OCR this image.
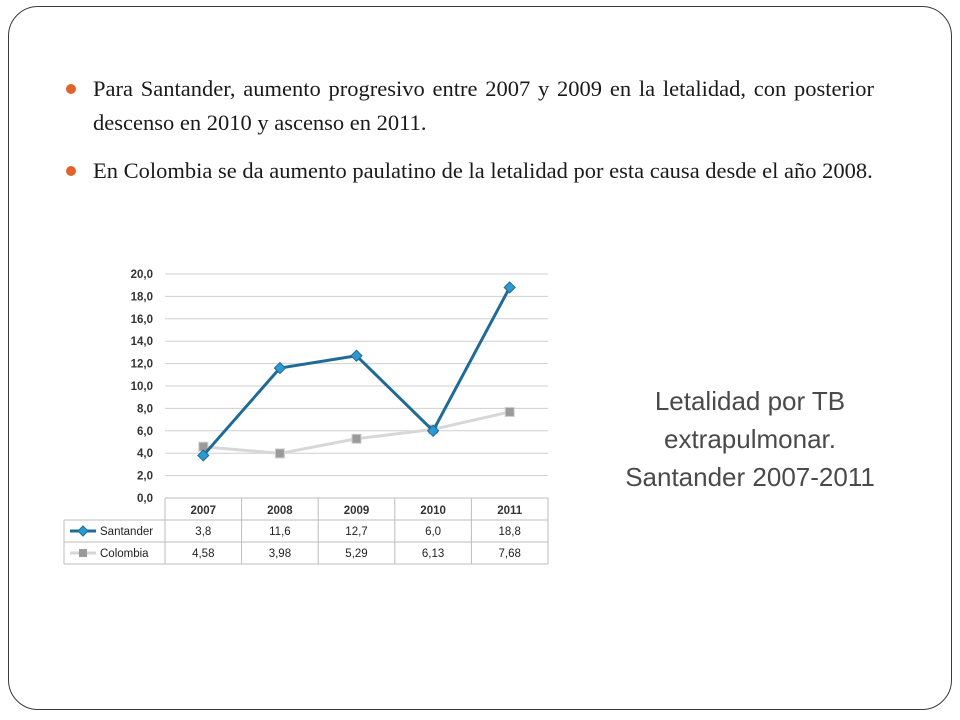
Para Santander, aumento progresivo entre 2007 y 2009 en la letalidad, con posterior descenso en 2010 y ascenso en 2011.
En Colombia se da aumento paulatino de la letalidad por esta causa desde el año 2008.
0,0
2,0
4,0
6,0
8,0
10,0
12,0
14,0
16,0
18,0
20,0
2007	2008	2009	2010	2011
Santander	3,8	11,6	12,7	6,0	18,8
Colombia	4,58	3,98	5,29	6,13	7,68
Letalidad por TB
extrapulmonar.
Santander 2007-2011
